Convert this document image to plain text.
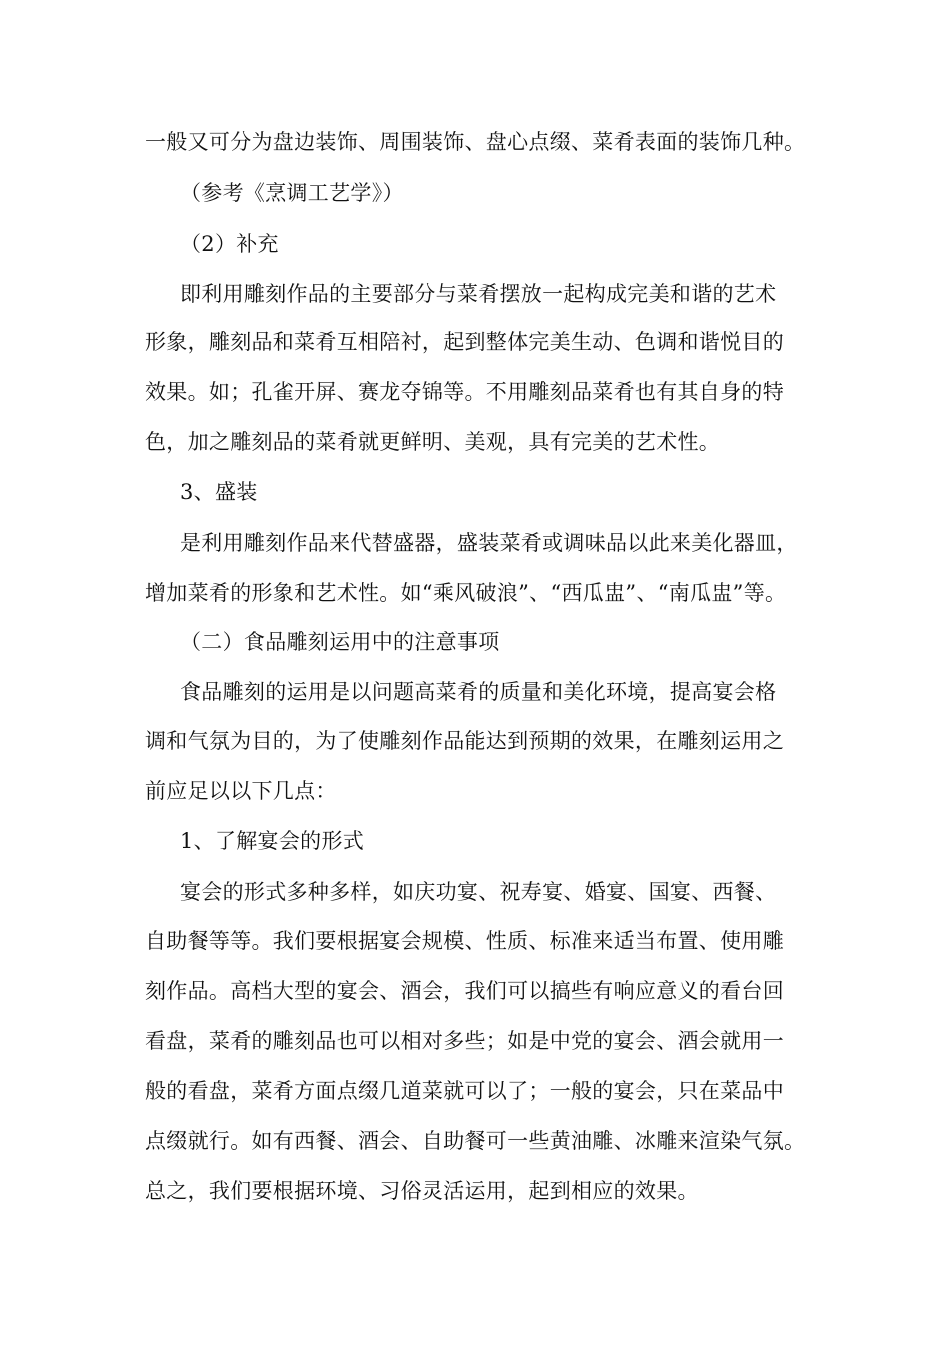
一般又可分为盘边装饰、周围装饰、盘心点缀、菜肴表面的装饰几种。
（参考《烹调工艺学》）
（2）补充
即利用雕刻作品的主要部分与菜肴摆放一起构成完美和谐的艺术
形象，雕刻品和菜肴互相陪衬，起到整体完美生动、色调和谐悦目的
效果。如；孔雀开屏、赛龙夺锦等。不用雕刻品菜肴也有其自身的特
色，加之雕刻品的菜肴就更鲜明、美观，具有完美的艺术性。
3、盛装
是利用雕刻作品来代替盛器，盛装菜肴或调味品以此来美化器皿，
增加菜肴的形象和艺术性。如“乘风破浪”、“西瓜盅”、“南瓜盅”等。
（二）食品雕刻运用中的注意事项
食品雕刻的运用是以问题高菜肴的质量和美化环境，提高宴会格
调和气氛为目的，为了使雕刻作品能达到预期的效果，在雕刻运用之
前应足以以下几点：
1、了解宴会的形式
宴会的形式多种多样，如庆功宴、祝寿宴、婚宴、国宴、西餐、
自助餐等等。我们要根据宴会规模、性质、标准来适当布置、使用雕
刻作品。高档大型的宴会、酒会，我们可以搞些有响应意义的看台回
看盘，菜肴的雕刻品也可以相对多些；如是中党的宴会、酒会就用一
般的看盘，菜肴方面点缀几道菜就可以了；一般的宴会，只在菜品中
点缀就行。如有西餐、酒会、自助餐可一些黄油雕、冰雕来渲染气氛。
总之，我们要根据环境、习俗灵活运用，起到相应的效果。
